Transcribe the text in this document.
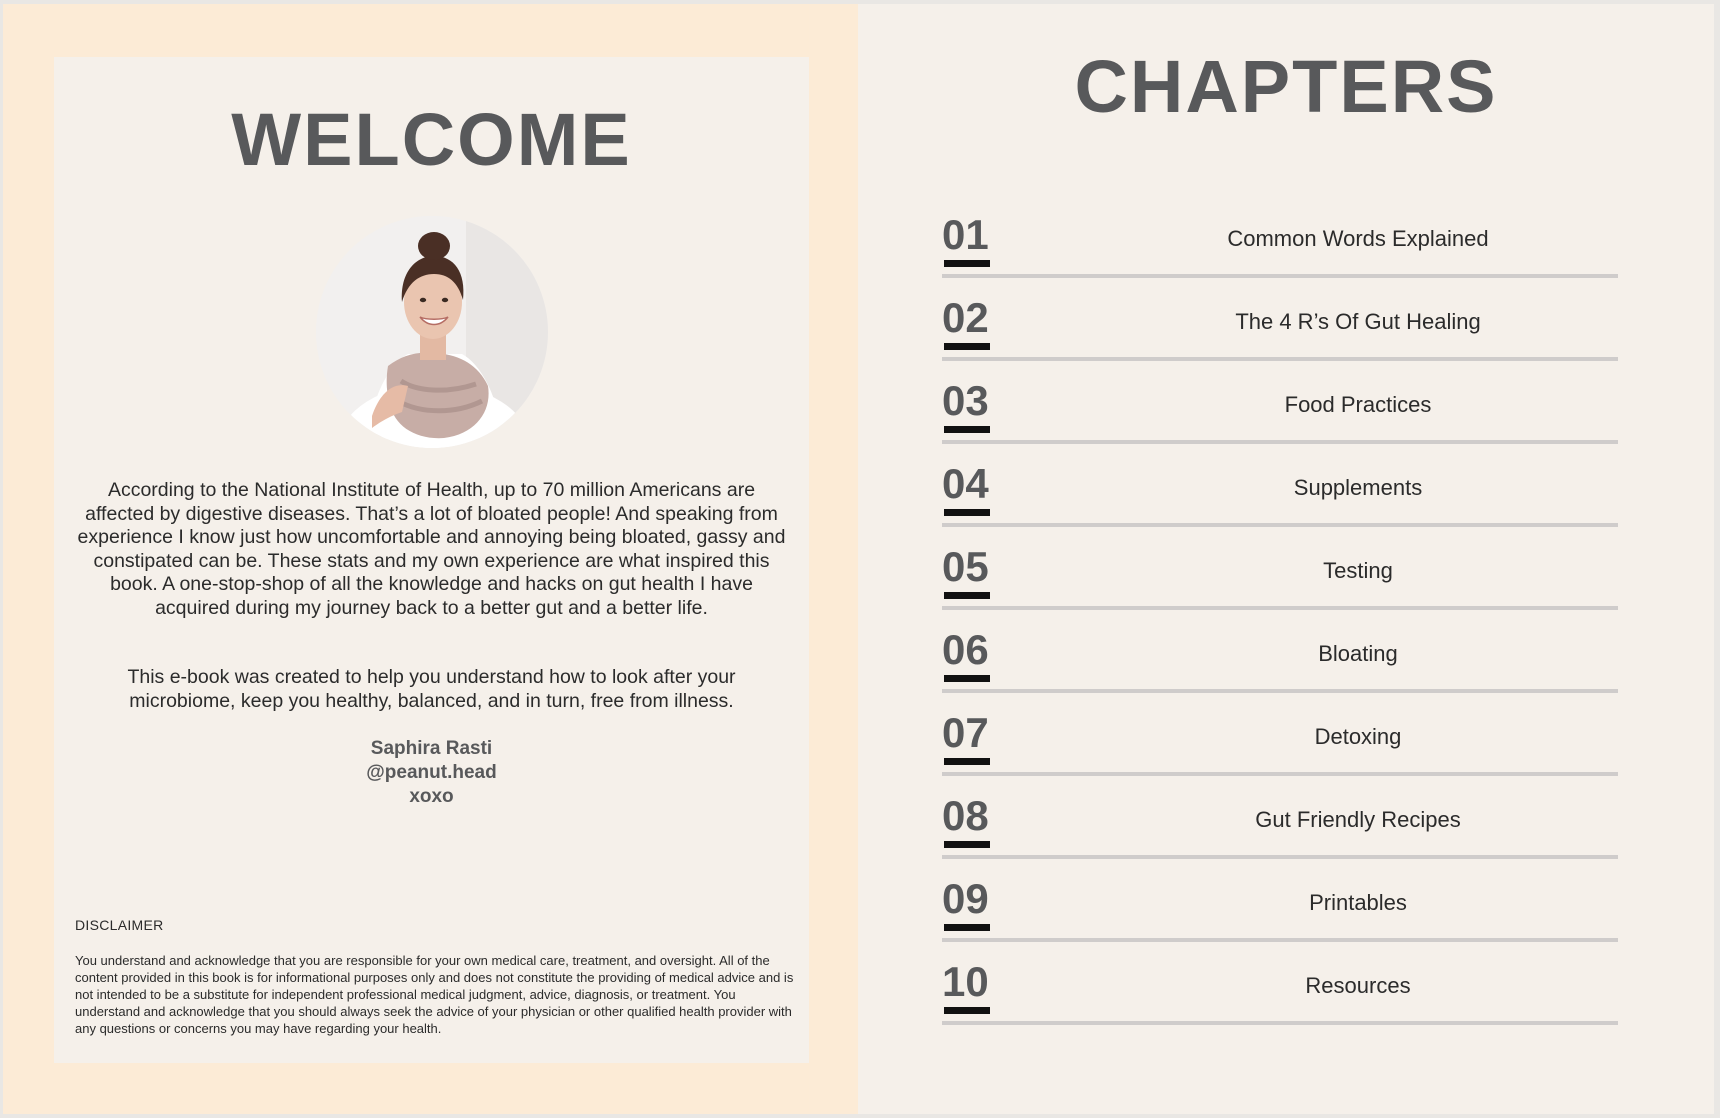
WELCOME

According to the National Institute of Health, up to 70 million Americans are affected by digestive diseases. That’s a lot of bloated people! And speaking from experience I know just how uncomfortable and annoying being bloated, gassy and constipated can be. These stats and my own experience are what inspired this book. A one-stop-shop of all the knowledge and hacks on gut health I have acquired during my journey back to a better gut and a better life.

This e-book was created to help you understand how to look after your microbiome, keep you healthy, balanced, and in turn, free from illness.

Saphira Rasti
@peanut.head
xoxo
DISCLAIMER

You understand and acknowledge that you are responsible for your own medical care, treatment, and oversight. All of the content provided in this book is for informational purposes only and does not constitute the providing of medical advice and is not intended to be a substitute for independent professional medical judgment, advice, diagnosis, or treatment. You understand and acknowledge that you should always seek the advice of your physician or other qualified health provider with any questions or concerns you may have regarding your health.

CHAPTERS
01	Common Words Explained
02	The 4 R’s Of Gut Healing
03	Food Practices
04	Supplements
05	Testing
06	Bloating
07	Detoxing
08	Gut Friendly Recipes
09	Printables
10	Resources
